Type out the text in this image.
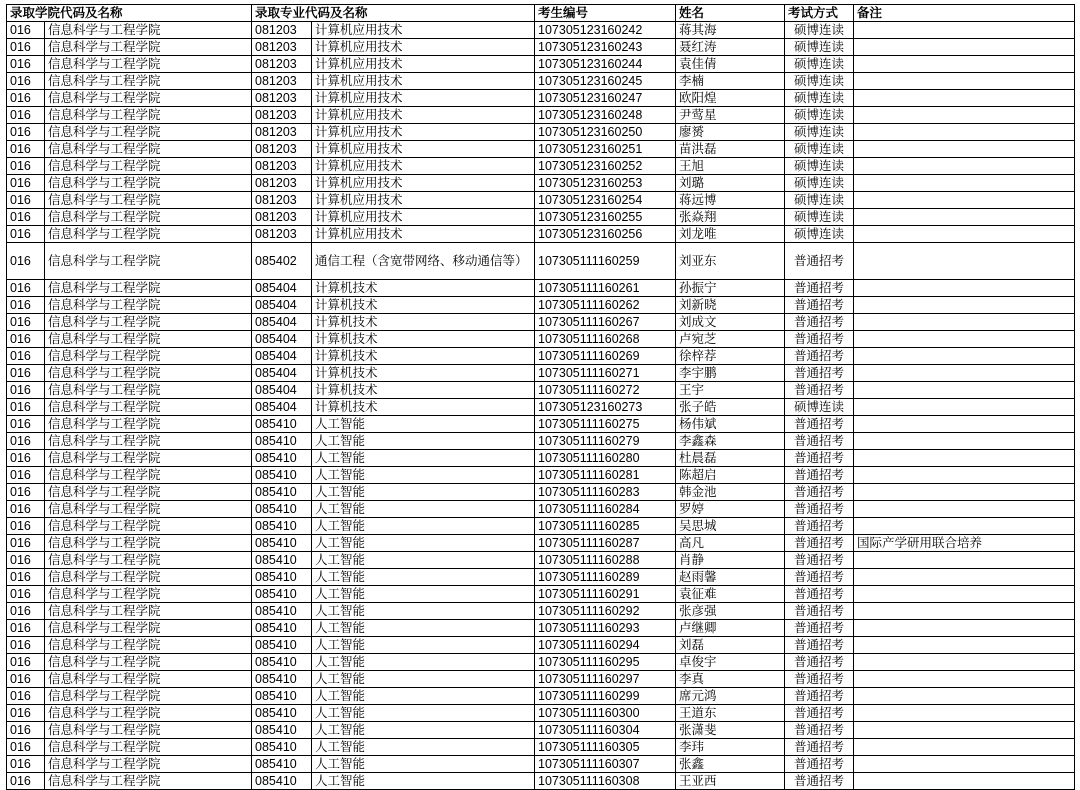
录取学院代码及名称		录取专业代码及名称		考生编号	姓名	考试方式	备注
016	信息科学与工程学院	081203	计算机应用技术	107305123160242	蒋其海	硕博连读	
016	信息科学与工程学院	081203	计算机应用技术	107305123160243	聂红涛	硕博连读	
016	信息科学与工程学院	081203	计算机应用技术	107305123160244	袁佳倩	硕博连读	
016	信息科学与工程学院	081203	计算机应用技术	107305123160245	李楠	硕博连读	
016	信息科学与工程学院	081203	计算机应用技术	107305123160247	欧阳煌	硕博连读	
016	信息科学与工程学院	081203	计算机应用技术	107305123160248	尹莺星	硕博连读	
016	信息科学与工程学院	081203	计算机应用技术	107305123160250	廖赟	硕博连读	
016	信息科学与工程学院	081203	计算机应用技术	107305123160251	苗洪磊	硕博连读	
016	信息科学与工程学院	081203	计算机应用技术	107305123160252	王旭	硕博连读	
016	信息科学与工程学院	081203	计算机应用技术	107305123160253	刘璐	硕博连读	
016	信息科学与工程学院	081203	计算机应用技术	107305123160254	蒋远博	硕博连读	
016	信息科学与工程学院	081203	计算机应用技术	107305123160255	张焱翔	硕博连读	
016	信息科学与工程学院	081203	计算机应用技术	107305123160256	刘龙唯	硕博连读	
016	信息科学与工程学院	085402	通信工程（含宽带网络、移动通信等）	107305111160259	刘亚东	普通招考	
016	信息科学与工程学院	085404	计算机技术	107305111160261	孙振宁	普通招考	
016	信息科学与工程学院	085404	计算机技术	107305111160262	刘新晓	普通招考	
016	信息科学与工程学院	085404	计算机技术	107305111160267	刘成文	普通招考	
016	信息科学与工程学院	085404	计算机技术	107305111160268	卢宛芝	普通招考	
016	信息科学与工程学院	085404	计算机技术	107305111160269	徐梓荐	普通招考	
016	信息科学与工程学院	085404	计算机技术	107305111160271	李宇鹏	普通招考	
016	信息科学与工程学院	085404	计算机技术	107305111160272	王宇	普通招考	
016	信息科学与工程学院	085404	计算机技术	107305123160273	张子皓	硕博连读	
016	信息科学与工程学院	085410	人工智能	107305111160275	杨伟斌	普通招考	
016	信息科学与工程学院	085410	人工智能	107305111160279	李鑫森	普通招考	
016	信息科学与工程学院	085410	人工智能	107305111160280	杜晨磊	普通招考	
016	信息科学与工程学院	085410	人工智能	107305111160281	陈超启	普通招考	
016	信息科学与工程学院	085410	人工智能	107305111160283	韩金池	普通招考	
016	信息科学与工程学院	085410	人工智能	107305111160284	罗婷	普通招考	
016	信息科学与工程学院	085410	人工智能	107305111160285	吴思城	普通招考	
016	信息科学与工程学院	085410	人工智能	107305111160287	高凡	普通招考	国际产学研用联合培养
016	信息科学与工程学院	085410	人工智能	107305111160288	肖静	普通招考	
016	信息科学与工程学院	085410	人工智能	107305111160289	赵雨馨	普通招考	
016	信息科学与工程学院	085410	人工智能	107305111160291	袁征难	普通招考	
016	信息科学与工程学院	085410	人工智能	107305111160292	张彦强	普通招考	
016	信息科学与工程学院	085410	人工智能	107305111160293	卢继卿	普通招考	
016	信息科学与工程学院	085410	人工智能	107305111160294	刘磊	普通招考	
016	信息科学与工程学院	085410	人工智能	107305111160295	卓俊宇	普通招考	
016	信息科学与工程学院	085410	人工智能	107305111160297	李真	普通招考	
016	信息科学与工程学院	085410	人工智能	107305111160299	席元鸿	普通招考	
016	信息科学与工程学院	085410	人工智能	107305111160300	王道东	普通招考	
016	信息科学与工程学院	085410	人工智能	107305111160304	张潇斐	普通招考	
016	信息科学与工程学院	085410	人工智能	107305111160305	李玮	普通招考	
016	信息科学与工程学院	085410	人工智能	107305111160307	张鑫	普通招考	
016	信息科学与工程学院	085410	人工智能	107305111160308	王亚西	普通招考	
